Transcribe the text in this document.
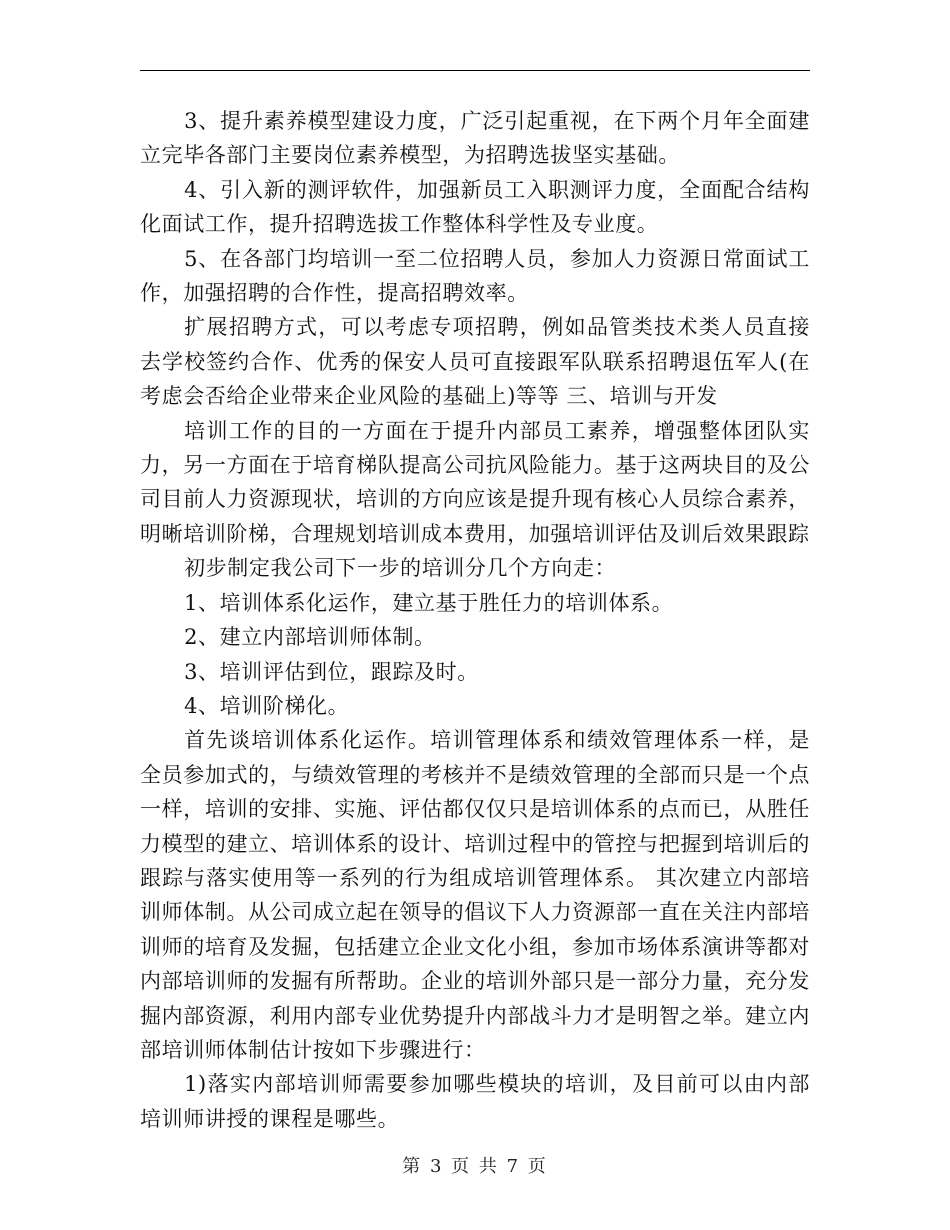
3、提升素养模型建设力度，广泛引起重视，在下两个月年全面建立完毕各部门主要岗位素养模型，为招聘选拔坚实基础。

4、引入新的测评软件，加强新员工入职测评力度，全面配合结构化面试工作，提升招聘选拔工作整体科学性及专业度。

5、在各部门均培训一至二位招聘人员，参加人力资源日常面试工作，加强招聘的合作性，提高招聘效率。

扩展招聘方式，可以考虑专项招聘，例如品管类技术类人员直接去学校签约合作、优秀的保安人员可直接跟军队联系招聘退伍军人(在考虑会否给企业带来企业风险的基础上)等等 三、培训与开发

培训工作的目的一方面在于提升内部员工素养，增强整体团队实力，另一方面在于培育梯队提高公司抗风险能力。基于这两块目的及公司目前人力资源现状，培训的方向应该是提升现有核心人员综合素养，明晰培训阶梯，合理规划培训成本费用，加强培训评估及训后效果跟踪

初步制定我公司下一步的培训分几个方向走：

1、培训体系化运作，建立基于胜任力的培训体系。

2、建立内部培训师体制。

3、培训评估到位，跟踪及时。

4、培训阶梯化。

首先谈培训体系化运作。培训管理体系和绩效管理体系一样，是全员参加式的，与绩效管理的考核并不是绩效管理的全部而只是一个点一样，培训的安排、实施、评估都仅仅只是培训体系的点而已，从胜任力模型的建立、培训体系的设计、培训过程中的管控与把握到培训后的跟踪与落实使用等一系列的行为组成培训管理体系。 其次建立内部培训师体制。从公司成立起在领导的倡议下人力资源部一直在关注内部培训师的培育及发掘，包括建立企业文化小组，参加市场体系演讲等都对内部培训师的发掘有所帮助。企业的培训外部只是一部分力量，充分发掘内部资源，利用内部专业优势提升内部战斗力才是明智之举。建立内部培训师体制估计按如下步骤进行：

1)落实内部培训师需要参加哪些模块的培训，及目前可以由内部培训师讲授的课程是哪些。

第 3 页 共 7 页
